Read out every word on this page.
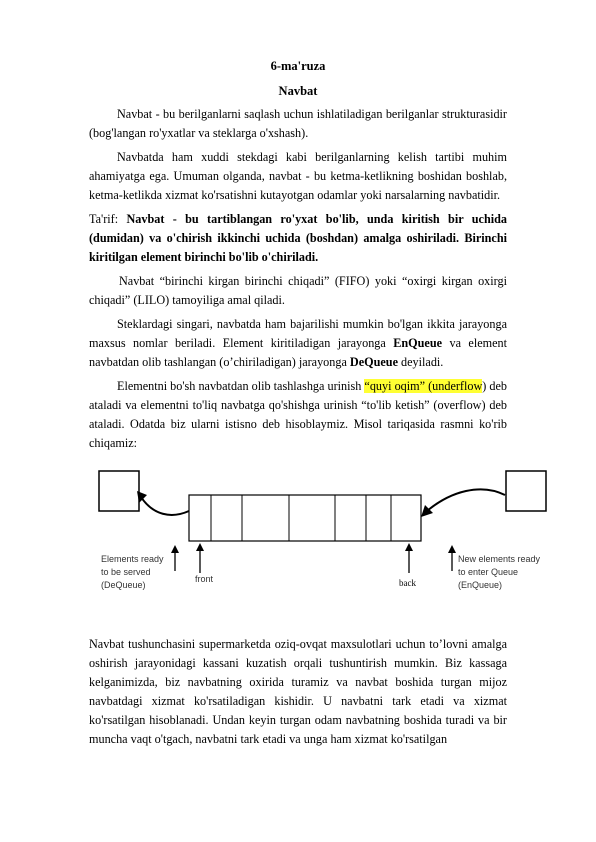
6-ma'ruza
Navbat

Navbat - bu berilganlarni saqlash uchun ishlatiladigan berilganlar strukturasidir (bog'langan ro'yxatlar va steklarga o'xshash).

Navbatda ham xuddi stekdagi kabi berilganlarning kelish tartibi muhim ahamiyatga ega. Umuman olganda, navbat - bu ketma-ketlikning boshidan boshlab, ketma-ketlikda xizmat ko'rsatishni kutayotgan odamlar yoki narsalarning navbatidir.

Ta'rif: Navbat - bu tartiblangan ro'yxat bo'lib, unda kiritish bir uchida (dumidan) va o'chirish ikkinchi uchida (boshdan) amalga oshiriladi. Birinchi kiritilgan element birinchi bo'lib o'chiriladi.

Navbat “birinchi kirgan birinchi chiqadi” (FIFO) yoki “oxirgi kirgan oxirgi chiqadi” (LILO) tamoyiliga amal qiladi.

Steklardagi singari, navbatda ham bajarilishi mumkin bo'lgan ikkita jarayonga maxsus nomlar beriladi. Element kiritiladigan jarayonga EnQueue va element navbatdan olib tashlangan (o’chiriladigan) jarayonga DeQueue deyiladi.

Elementni bo'sh navbatdan olib tashlashga urinish “quyi oqim” (underflow) deb ataladi va elementni to'liq navbatga qo'shishga urinish “to'lib ketish” (overflow) deb ataladi. Odatda biz ularni istisno deb hisoblaymiz. Misol tariqasida rasmni ko'rib chiqamiz:

Elements ready
to be served
(DeQueue)
front	back
New elements ready
to enter Queue
(EnQueue)

Navbat tushunchasini supermarketda oziq-ovqat maxsulotlari uchun to’lovni amalga oshirish jarayonidagi kassani kuzatish orqali tushuntirish mumkin. Biz kassaga kelganimizda, biz navbatning oxirida turamiz va navbat boshida turgan mijoz navbatdagi xizmat ko'rsatiladigan kishidir. U navbatni tark etadi va xizmat ko'rsatilgan hisoblanadi. Undan keyin turgan odam navbatning boshida turadi va bir muncha vaqt o'tgach, navbatni tark etadi va unga ham xizmat ko'rsatilgan
